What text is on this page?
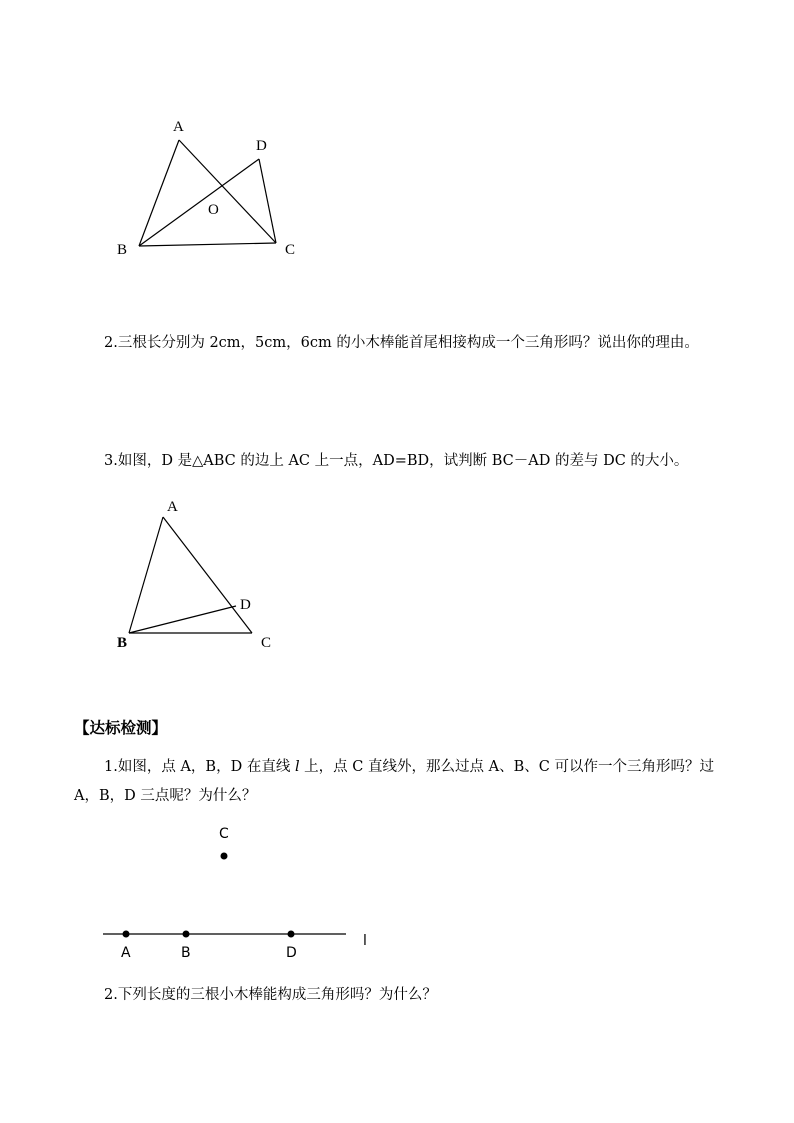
A
D
O
B	C

2.三根长分别为 2cm，5cm，6cm 的小木棒能首尾相接构成一个三角形吗？说出你的理由。

3.如图，D 是△ABC 的边上 AC 上一点，AD=BD，试判断 BC－AD 的差与 DC 的大小。

A
D
B	C
【达标检测】

1.如图，点 A，B，D 在直线 l 上，点 C 直线外，那么过点 A、B、C 可以作一个三角形吗？过 A，B，D 三点呢？为什么？

C
A	B	D
l

2.下列长度的三根小木棒能构成三角形吗？为什么？
